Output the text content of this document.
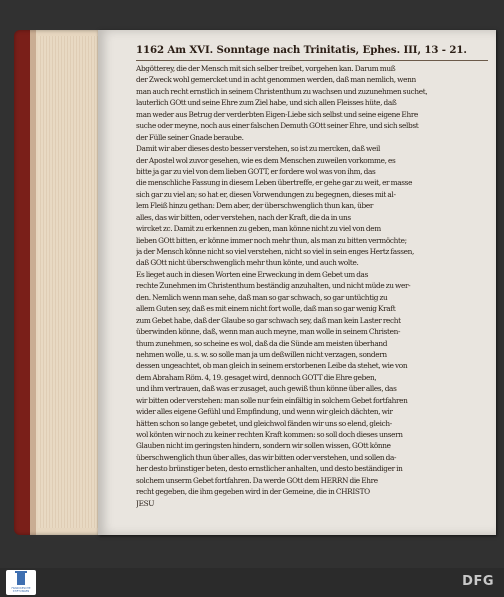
1162 Am XVI. Sonntage nach Trinitatis, Ephes. III, 13 - 21.
Abgötterey, die der Mensch mit sich selber treibet, vorgehen kan. Darum muß
der Zweck wohl gemercket und in acht genommen werden, daß man nemlich, wenn
man auch recht ernstlich in seinem Christenthum zu wachsen und zuzunehmen suchet,
lauterlich GOtt und seine Ehre zum Ziel habe, und sich allen Fleisses hüte, daß
man weder aus Betrug der verderbten Eigen-Liebe sich selbst und seine eigene Ehre
suche oder meyne, noch aus einer falschen Demuth GOtt seiner Ehre, und sich selbst
der Fülle seiner Gnade beraube.
Damit wir aber dieses desto besser verstehen, so ist zu mercken, daß weil
der Apostel wol zuvor gesehen, wie es dem Menschen zuweilen vorkomme, es
bitte ja gar zu viel von dem lieben GOTT, er fordere wol was von ihm, das
die menschliche Fassung in diesem Leben übertreffe, er gehe gar zu weit, er masse
sich gar zu viel an; so hat er, diesen Vorwendungen zu begegnen, dieses mit al-
lem Fleiß hinzu gethan: Dem aber, der überschwenglich thun kan, über
alles, das wir bitten, oder verstehen, nach der Kraft, die da in uns
wircket zc. Damit zu erkennen zu geben, man könne nicht zu viel von dem
lieben GOtt bitten, er könne immer noch mehr thun, als man zu bitten vermöchte;
ja der Mensch könne nicht so viel verstehen, nicht so viel in sein enges Hertz fassen,
daß GOtt nicht überschwenglich mehr thun könte, und auch wolte.
Es lieget auch in diesen Worten eine Erweckung in dem Gebet um das
rechte Zunehmen im Christenthum beständig anzuhalten, und nicht müde zu wer-
den. Nemlich wenn man sehe, daß man so gar schwach, so gar untüchtig zu
allem Guten sey, daß es mit einem nicht fort wolle, daß man so gar wenig Kraft
zum Gebet habe, daß der Glaube so gar schwach sey, daß man kein Laster recht
überwinden könne, daß, wenn man auch meyne, man wolle in seinem Christen-
thum zunehmen, so scheine es wol, daß da die Sünde am meisten überhand
nehmen wolle, u. s. w. so solle man ja um deßwillen nicht verzagen, sondern
dessen ungeachtet, ob man gleich in seinem erstorbenen Leibe da stehet, wie von
dem Abraham Röm. 4, 19. gesaget wird, dennoch GOTT die Ehre geben,
und ihm vertrauen, daß was er zusaget, auch gewiß thun könne über alles, das
wir bitten oder verstehen: man solle nur fein einfältig in solchem Gebet fortfahren
wider alles eigene Gefühl und Empfindung, und wenn wir gleich dächten, wir
hätten schon so lange gebetet, und gleichwol fänden wir uns so elend, gleich-
wol könten wir noch zu keiner rechten Kraft kommen: so soll doch dieses unsern
Glauben nicht im geringsten hindern, sondern wir sollen wissen, GOtt könne
überschwenglich thun über alles, das wir bitten oder verstehen, und sollen da-
her desto brünstiger beten, desto ernstlicher anhalten, und desto beständiger in
solchem unserm Gebet fortfahren. Da werde GOtt dem HERRN die Ehre
recht gegeben, die ihm gegeben wird in der Gemeine, die in CHRISTO
JESU
FRANCKESCHE STIFTUNGEN
DFG
